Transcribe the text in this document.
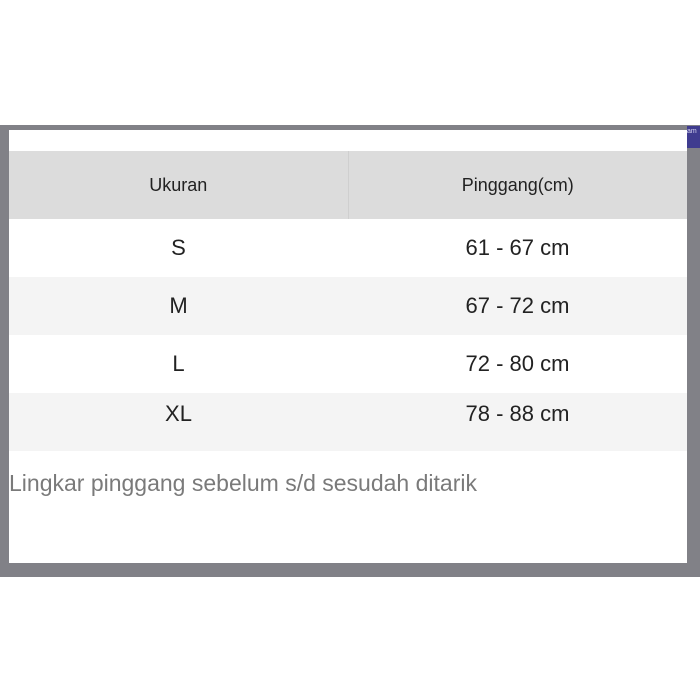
am
Ukuran	Pinggang(cm)
S	61 - 67 cm
M	67 - 72 cm
L	72 - 80 cm
XL	78 - 88 cm
Lingkar pinggang sebelum s/d sesudah ditarik
